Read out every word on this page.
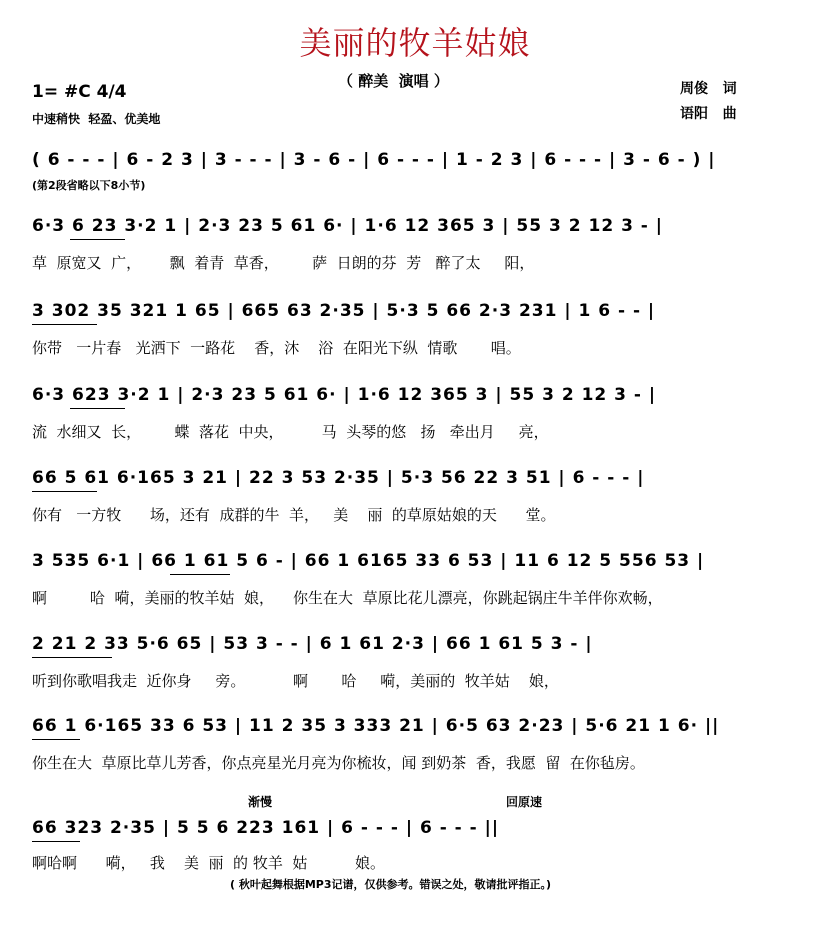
美丽的牧羊姑娘
（ 醉美  演唱 ）
1= #C 4/4
中速稍快  轻盈、优美地
周俊   词
语阳   曲
( 6 - - - | 6 - 2 3 | 3 - - - | 3 - 6 - | 6 - - - | 1 - 2 3 | 6 - - - | 3 - 6 - ) |
(第2段省略以下8小节)
6·3 6 23 3·2 1 | 2·3 23 5 61 6· | 1·6 12 365 3 | 55 3 2 12 3 - |
草  原宽又  广，      飘  着青  草香，       萨  日朗的芬  芳   醉了太     阳，
3 302 35 321 1 65 | 665 63 2·35 | 5·3 5 66 2·3 231 | 1 6 - - |
你带   一片春   光洒下  一路花    香，沐    浴  在阳光下纵  情歌       唱。
6·3 623 3·2 1 | 2·3 23 5 61 6· | 1·6 12 365 3 | 55 3 2 12 3 - |
流  水细又  长，       蝶  落花  中央，        马  头琴的悠   扬   牵出月     亮，
66 5 61 6·165 3 21 | 22 3 53 2·35 | 5·3 56 22 3 51 | 6 - - - |
你有   一方牧      场，还有  成群的牛  羊，   美    丽  的草原姑娘的天      堂。
3 535 6·1 | 66 1 61 5 6 - | 66 1 6165 33 6 53 | 11 6 12 5 556 53 |
啊         哈  嗬，美丽的牧羊姑  娘，    你生在大  草原比花儿漂亮，你跳起锅庄牛羊伴你欢畅，
2 21 2 33 5·6 65 | 53 3 - - | 6 1 61 2·3 | 66 1 61 5 3 - |
听到你歌唱我走  近你身     旁。          啊       哈     嗬，美丽的  牧羊姑    娘，
66 1 6·165 33 6 53 | 11 2 35 3 333 21 | 6·5 63 2·23 | 5·6 21 1 6· ||
你生在大  草原比草儿芳香，你点亮星光月亮为你梳妆，闻 到奶茶  香，我愿  留  在你毡房。
渐慢	回原速
66 323 2·35 | 5 5 6 223 161 | 6 - - - | 6 - - - ||
啊哈啊      嗬，   我    美  丽  的 牧羊  姑          娘。
( 秋叶起舞根据MP3记谱，仅供参考。错误之处，敬请批评指正。)
